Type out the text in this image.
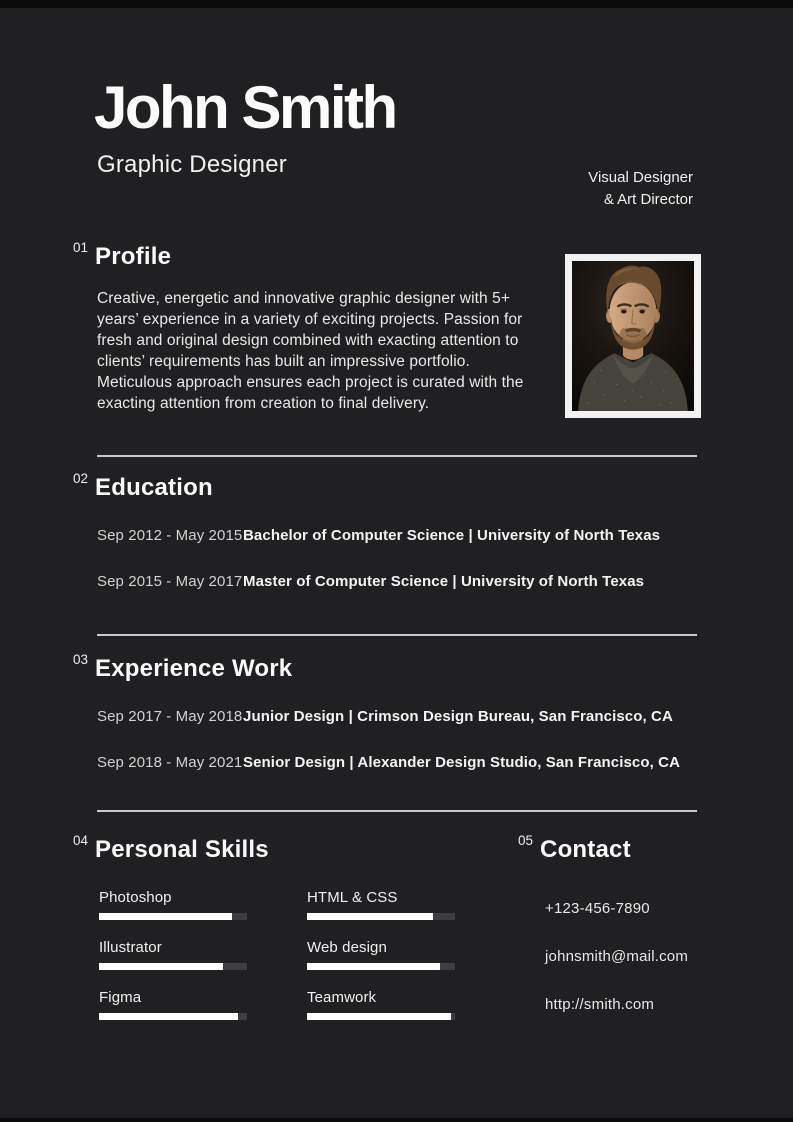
John Smith
Graphic Designer	Visual Designer
& Art Director
01 Profile

Creative, energetic and innovative graphic designer with 5+ years’ experience in a variety of exciting projects. Passion for fresh and original design combined with exacting attention to clients’ requirements has built an impressive portfolio. Meticulous approach ensures each project is curated with the exacting attention from creation to final delivery.

02 Education
Sep 2012 - May 2015 Bachelor of Computer Science | University of North Texas
Sep 2015 - May 2017 Master of Computer Science | University of North Texas
03 Experience Work
Sep 2017 - May 2018 Junior Design | Crimson Design Bureau, San Francisco, CA
Sep 2018 - May 2021 Senior Design | Alexander Design Studio, San Francisco, CA
04 Personal Skills
Photoshop	HTML & CSS
Illustrator	Web design
Figma	Teamwork
05 Contact
+123-456-7890
johnsmith@mail.com
http://smith.com
